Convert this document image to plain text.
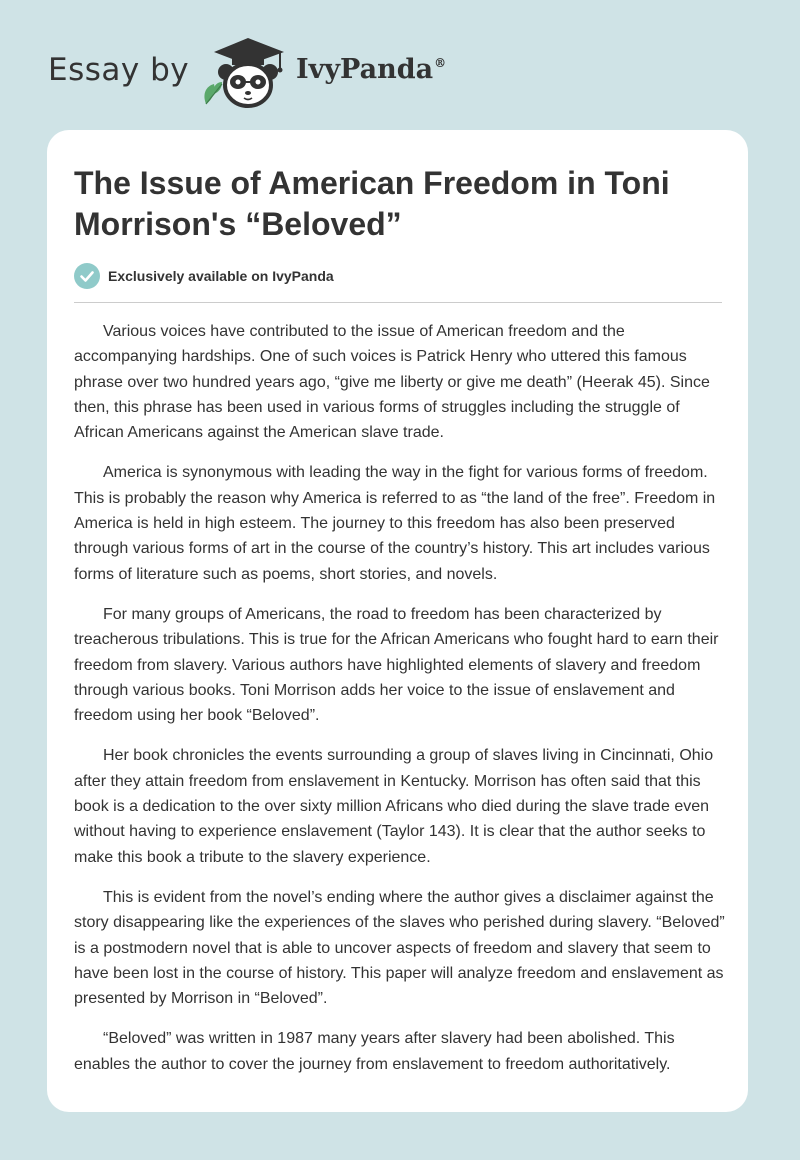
Essay by	IvyPanda®
The Issue of American Freedom in Toni Morrison's “Beloved”
Exclusively available on IvyPanda

Various voices have contributed to the issue of American freedom and the accompanying hardships. One of such voices is Patrick Henry who uttered this famous phrase over two hundred years ago, “give me liberty or give me death” (Heerak 45). Since then, this phrase has been used in various forms of struggles including the struggle of African Americans against the American slave trade.

America is synonymous with leading the way in the fight for various forms of freedom. This is probably the reason why America is referred to as “the land of the free”. Freedom in America is held in high esteem. The journey to this freedom has also been preserved through various forms of art in the course of the country’s history. This art includes various forms of literature such as poems, short stories, and novels.

For many groups of Americans, the road to freedom has been characterized by treacherous tribulations. This is true for the African Americans who fought hard to earn their freedom from slavery. Various authors have highlighted elements of slavery and freedom through various books. Toni Morrison adds her voice to the issue of enslavement and freedom using her book “Beloved”.

Her book chronicles the events surrounding a group of slaves living in Cincinnati, Ohio after they attain freedom from enslavement in Kentucky. Morrison has often said that this book is a dedication to the over sixty million Africans who died during the slave trade even without having to experience enslavement (Taylor 143). It is clear that the author seeks to make this book a tribute to the slavery experience.

This is evident from the novel’s ending where the author gives a disclaimer against the story disappearing like the experiences of the slaves who perished during slavery. “Beloved” is a postmodern novel that is able to uncover aspects of freedom and slavery that seem to have been lost in the course of history. This paper will analyze freedom and enslavement as presented by Morrison in “Beloved”.

“Beloved” was written in 1987 many years after slavery had been abolished. This enables the author to cover the journey from enslavement to freedom authoritatively.
